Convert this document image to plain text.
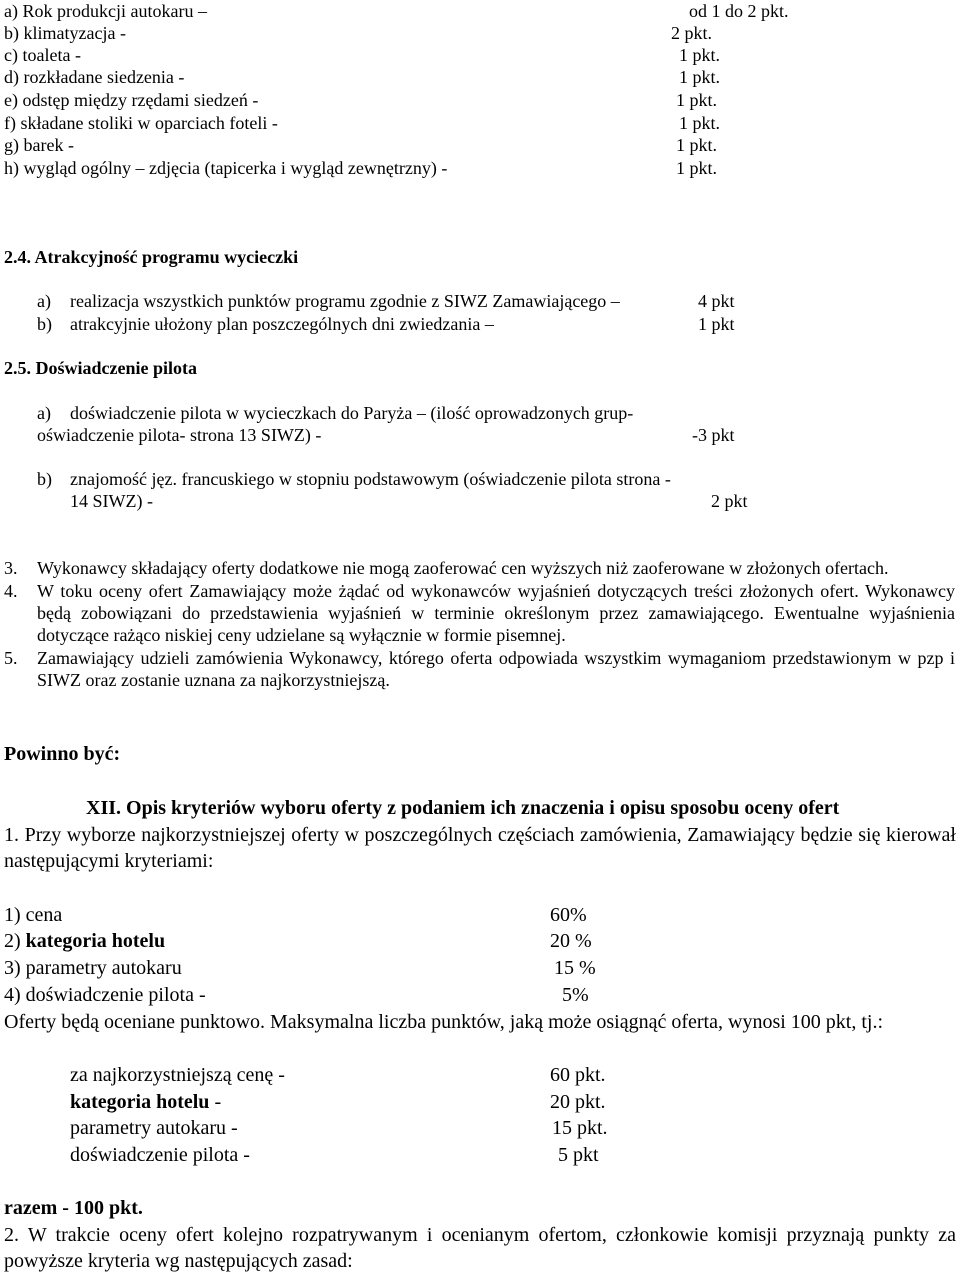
a) Rok produkcji autokaru –	od 1 do 2 pkt.
b) klimatyzacja -	2 pkt.
c) toaleta -	1 pkt.
d) rozkładane siedzenia -	1 pkt.
e) odstęp między rzędami siedzeń -	1 pkt.
f) składane stoliki w oparciach foteli -	1 pkt.
g) barek -	1 pkt.
h) wygląd ogólny – zdjęcia (tapicerka i wygląd zewnętrzny) -	1 pkt.
2.4. Atrakcyjność programu wycieczki
a) realizacja wszystkich punktów programu zgodnie z SIWZ Zamawiającego –	4 pkt
b) atrakcyjnie ułożony plan poszczególnych dni zwiedzania –	1 pkt
2.5. Doświadczenie pilota
a) doświadczenie pilota w wycieczkach do Paryża – (ilość oprowadzonych grup-
oświadczenie pilota- strona 13 SIWZ) -	-3 pkt
b) znajomość jęz. francuskiego w stopniu podstawowym (oświadczenie pilota strona -
14 SIWZ) -	2 pkt
3. Wykonawcy składający oferty dodatkowe nie mogą zaoferować cen wyższych niż zaoferowane w złożonych ofertach.
4. W toku oceny ofert Zamawiający może żądać od wykonawców wyjaśnień dotyczących treści złożonych ofert. Wykonawcy będą zobowiązani do przedstawienia wyjaśnień w terminie określonym przez zamawiającego. Ewentualne wyjaśnienia dotyczące rażąco niskiej ceny udzielane są wyłącznie w formie pisemnej.
5. Zamawiający udzieli zamówienia Wykonawcy, którego oferta odpowiada wszystkim wymaganiom przedstawionym w pzp i SIWZ oraz zostanie uznana za najkorzystniejszą.
Powinno być:
XII. Opis kryteriów wyboru oferty z podaniem ich znaczenia i opisu sposobu oceny ofert
1. Przy wyborze najkorzystniejszej oferty w poszczególnych częściach zamówienia, Zamawiający będzie się kierował następującymi kryteriami:
1) cena	60%
2) kategoria hotelu	20 %
3) parametry autokaru	15 %
4) doświadczenie pilota -	5%
Oferty będą oceniane punktowo. Maksymalna liczba punktów, jaką może osiągnąć oferta, wynosi 100 pkt, tj.:
za najkorzystniejszą cenę -	60 pkt.
kategoria hotelu -	20 pkt.
parametry autokaru -	15 pkt.
doświadczenie pilota -	5 pkt
razem - 100 pkt.
2. W trakcie oceny ofert kolejno rozpatrywanym i ocenianym ofertom, członkowie komisji przyznają punkty za powyższe kryteria wg następujących zasad:
